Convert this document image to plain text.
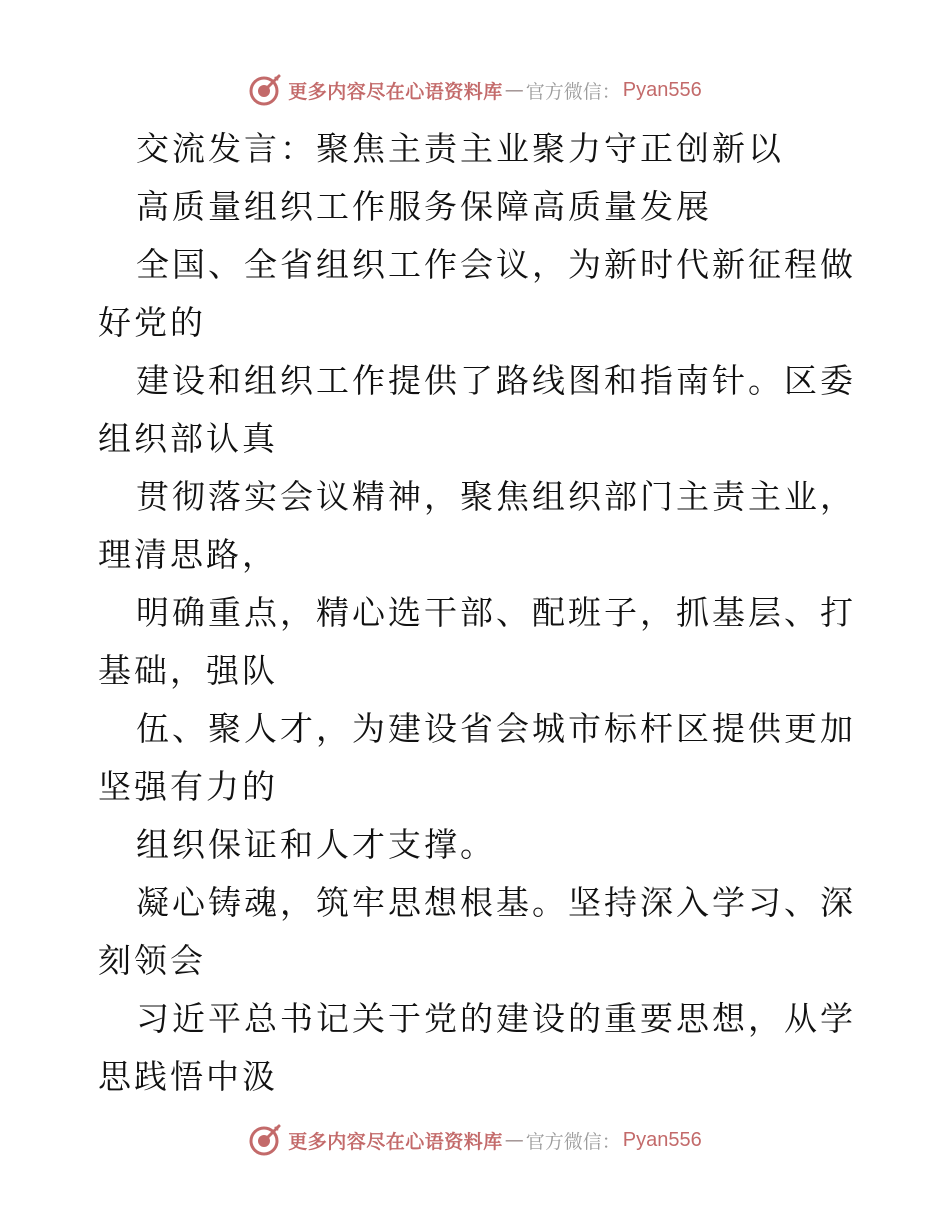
更多内容尽在心语资料库 — 官方微信： Pyan556

交流发言：聚焦主责主业聚力守正创新以

高质量组织工作服务保障高质量发展

全国、全省组织工作会议，为新时代新征程做好党的

建设和组织工作提供了路线图和指南针。区委组织部认真

贯彻落实会议精神，聚焦组织部门主责主业，理清思路，

明确重点，精心选干部、配班子，抓基层、打基础，强队

伍、聚人才，为建设省会城市标杆区提供更加坚强有力的

组织保证和人才支撑。

凝心铸魂，筑牢思想根基。坚持深入学习、深刻领会

习近平总书记关于党的建设的重要思想，从学思践悟中汲

更多内容尽在心语资料库 — 官方微信： Pyan556
